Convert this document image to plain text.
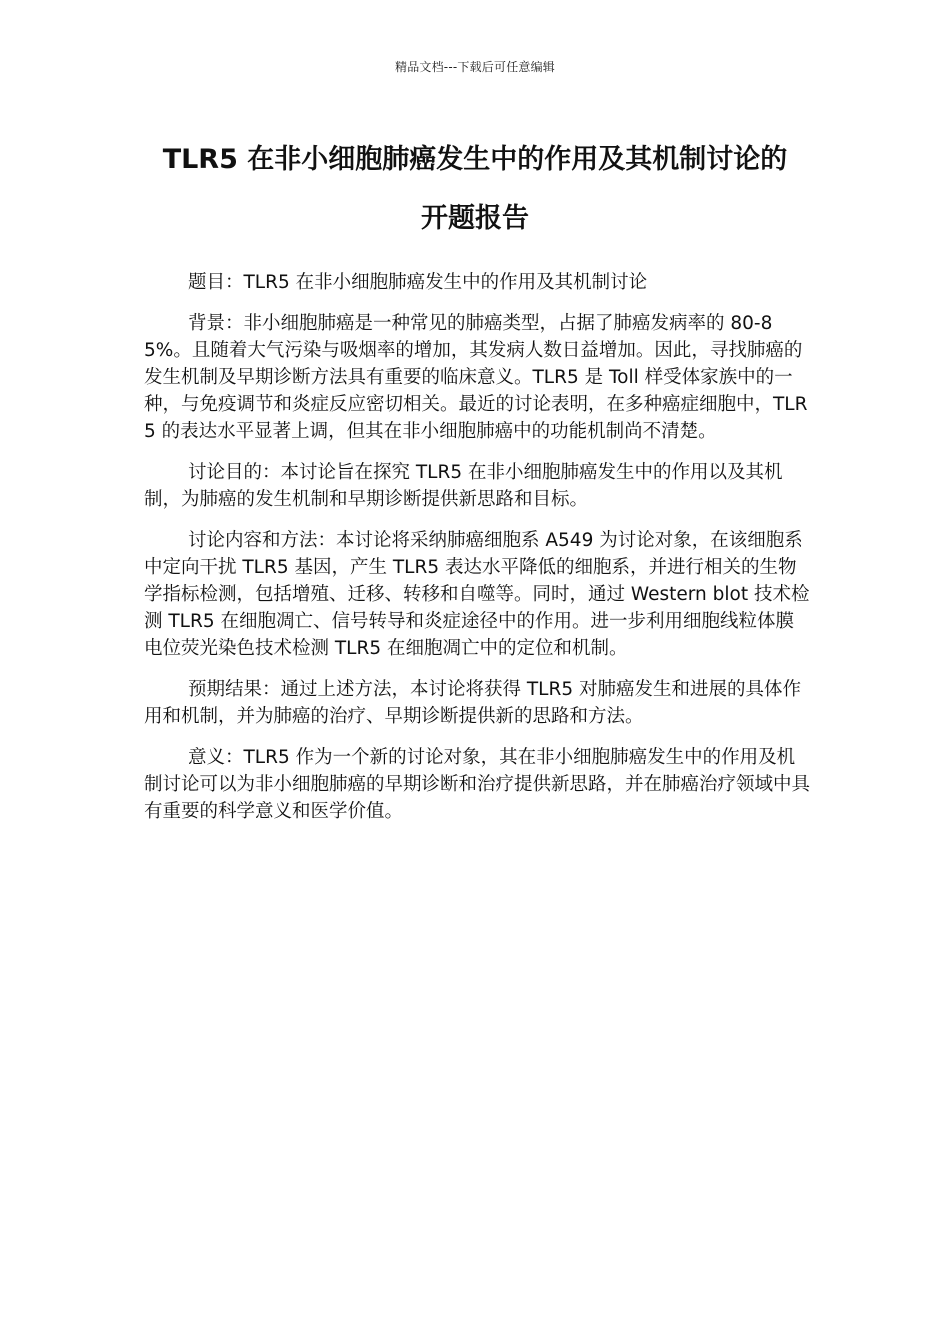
精品文档---下载后可任意编辑
TLR5 在非小细胞肺癌发生中的作用及其机制讨论的
开题报告

题目：TLR5 在非小细胞肺癌发生中的作用及其机制讨论

背景：非小细胞肺癌是一种常见的肺癌类型，占据了肺癌发病率的 80-85%。且随着大气污染与吸烟率的增加，其发病人数日益增加。因此，寻找肺癌的发生机制及早期诊断方法具有重要的临床意义。TLR5 是 Toll 样受体家族中的一种，与免疫调节和炎症反应密切相关。最近的讨论表明，在多种癌症细胞中，TLR5 的表达水平显著上调，但其在非小细胞肺癌中的功能机制尚不清楚。

讨论目的：本讨论旨在探究 TLR5 在非小细胞肺癌发生中的作用以及其机制，为肺癌的发生机制和早期诊断提供新思路和目标。

讨论内容和方法：本讨论将采纳肺癌细胞系 A549 为讨论对象，在该细胞系中定向干扰 TLR5 基因，产生 TLR5 表达水平降低的细胞系，并进行相关的生物学指标检测，包括增殖、迁移、转移和自噬等。同时，通过 Western blot 技术检测 TLR5 在细胞凋亡、信号转导和炎症途径中的作用。进一步利用细胞线粒体膜电位荧光染色技术检测 TLR5 在细胞凋亡中的定位和机制。

预期结果：通过上述方法，本讨论将获得 TLR5 对肺癌发生和进展的具体作用和机制，并为肺癌的治疗、早期诊断提供新的思路和方法。

意义：TLR5 作为一个新的讨论对象，其在非小细胞肺癌发生中的作用及机制讨论可以为非小细胞肺癌的早期诊断和治疗提供新思路，并在肺癌治疗领域中具有重要的科学意义和医学价值。
